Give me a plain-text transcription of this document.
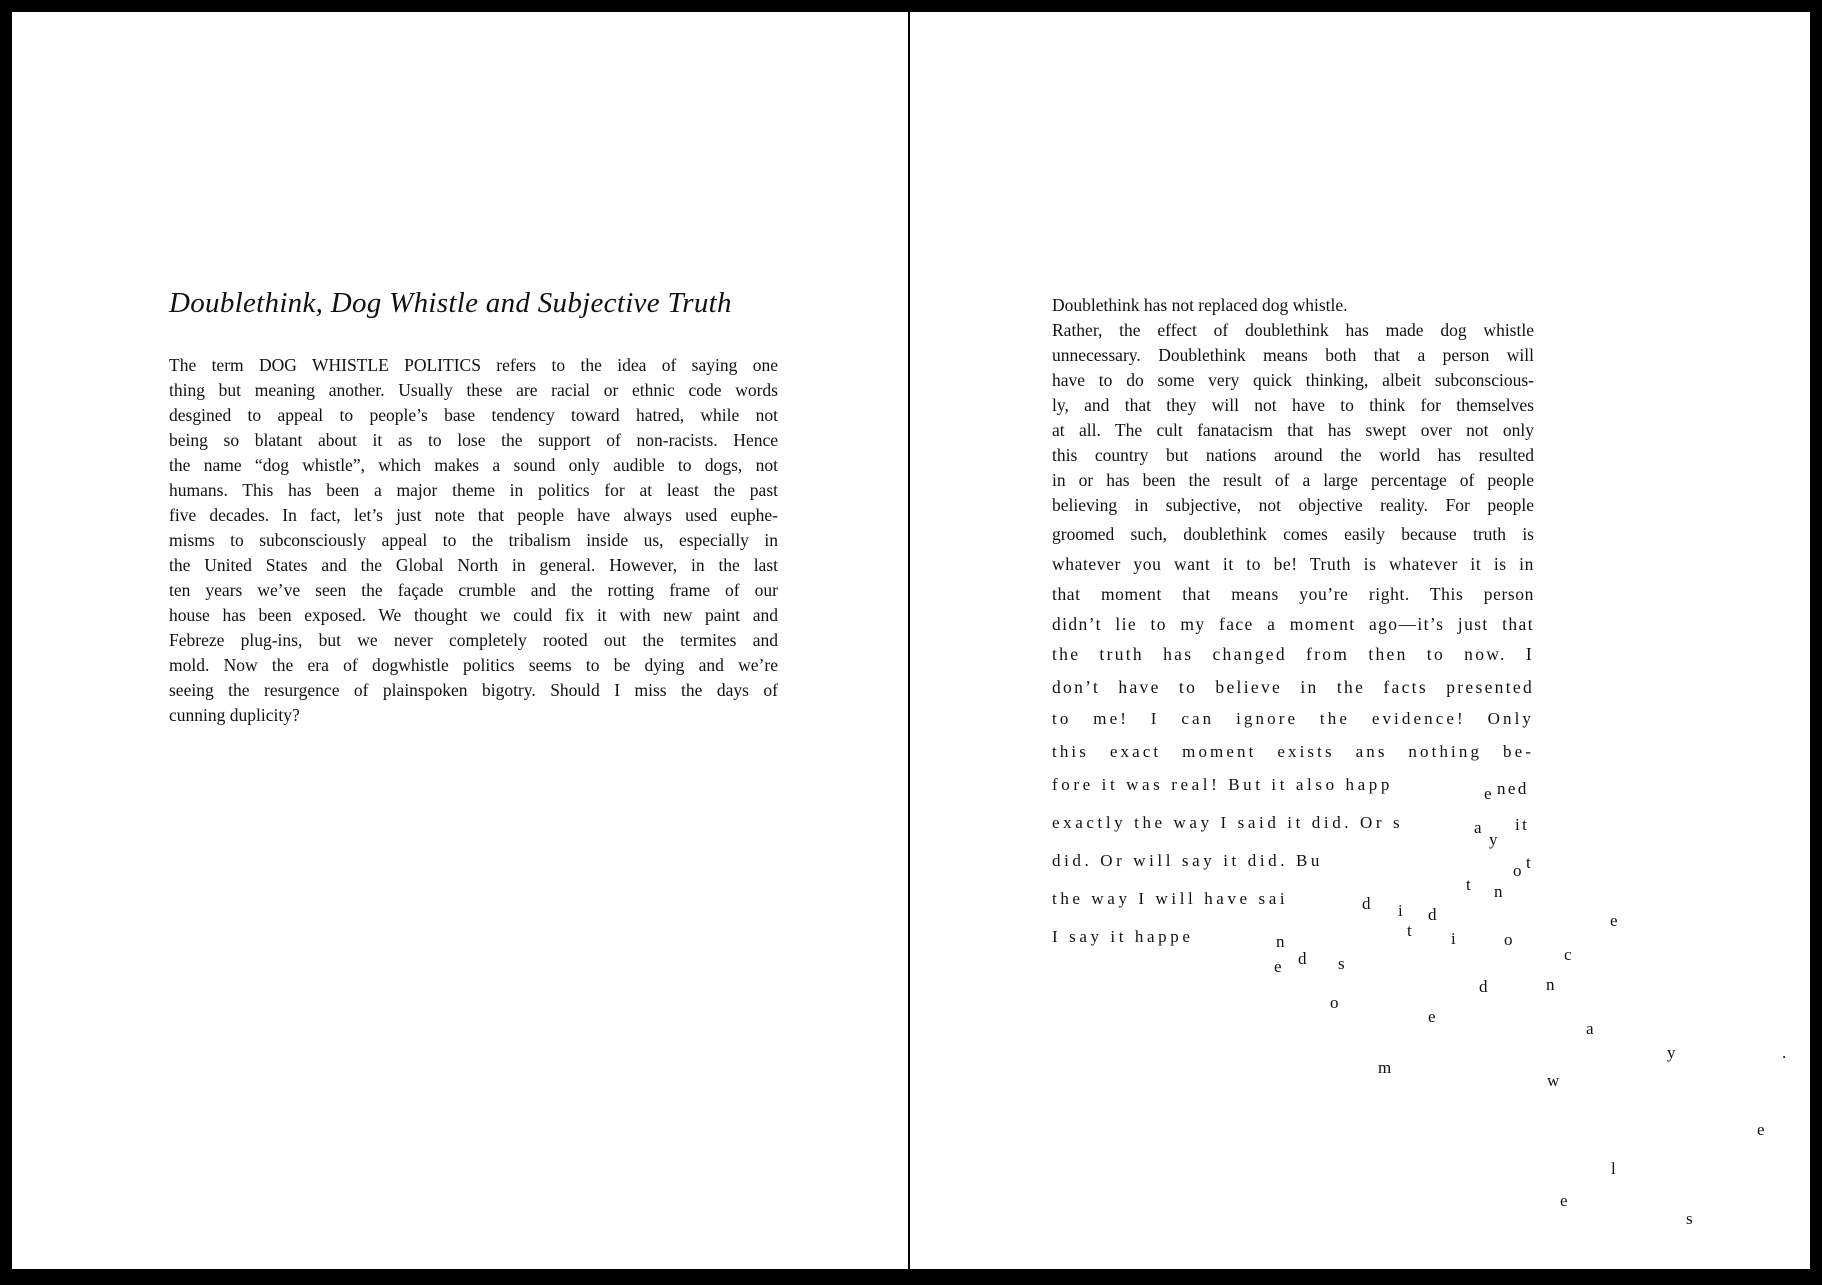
Doublethink, Dog Whistle and Subjective Truth
The term DOG WHISTLE POLITICS refers to the idea of saying one
thing but meaning another. Usually these are racial or ethnic code words
desgined to appeal to people’s base tendency toward hatred, while not
being so blatant about it as to lose the support of non-racists. Hence
the name “dog whistle”, which makes a sound only audible to dogs, not
humans. This has been a major theme in politics for at least the past
five decades. In fact, let’s just note that people have always used euphe-
misms to subconsciously appeal to the tribalism inside us, especially in
the United States and the Global North in general. However, in the last
ten years we’ve seen the façade crumble and the rotting frame of our
house has been exposed. We thought we could fix it with new paint and
Febreze plug-ins, but we never completely rooted out the termites and
mold. Now the era of dogwhistle politics seems to be dying and we’re
seeing the resurgence of plainspoken bigotry. Should I miss the days of
cunning duplicity?

Doublethink has not replaced dog whistle.

Rather, the effect of doublethink has made dog whistle

unnecessary. Doublethink means both that a person will

have to do some very quick thinking, albeit subconscious-

ly, and that they will not have to think for themselves

at all. The cult fanatacism that has swept over not only

this country but nations around the world has resulted

in or has been the result of a large percentage of people

believing in subjective, not objective reality. For people

groomed such, doublethink comes easily because truth is

whatever you want it to be! Truth is whatever it is in

that moment that means you’re right. This person

didn’t lie to my face a moment ago—it’s just that

the truth has changed from then to now. I

don’t have to believe in the facts presented

to me! I can ignore the evidence! Only

this exact moment exists ans nothing be-

fore it was real! But it also happ

exactly the way I said it did. Or s

did. Or will say it did. Bu

the way I will have sai

I say it happe

ned
it
t
e
a
y
o
t n
d i d	e
t i	o
c
n
e d s
d	n
o
e
a
m
y	.
w
e
l
e
s
